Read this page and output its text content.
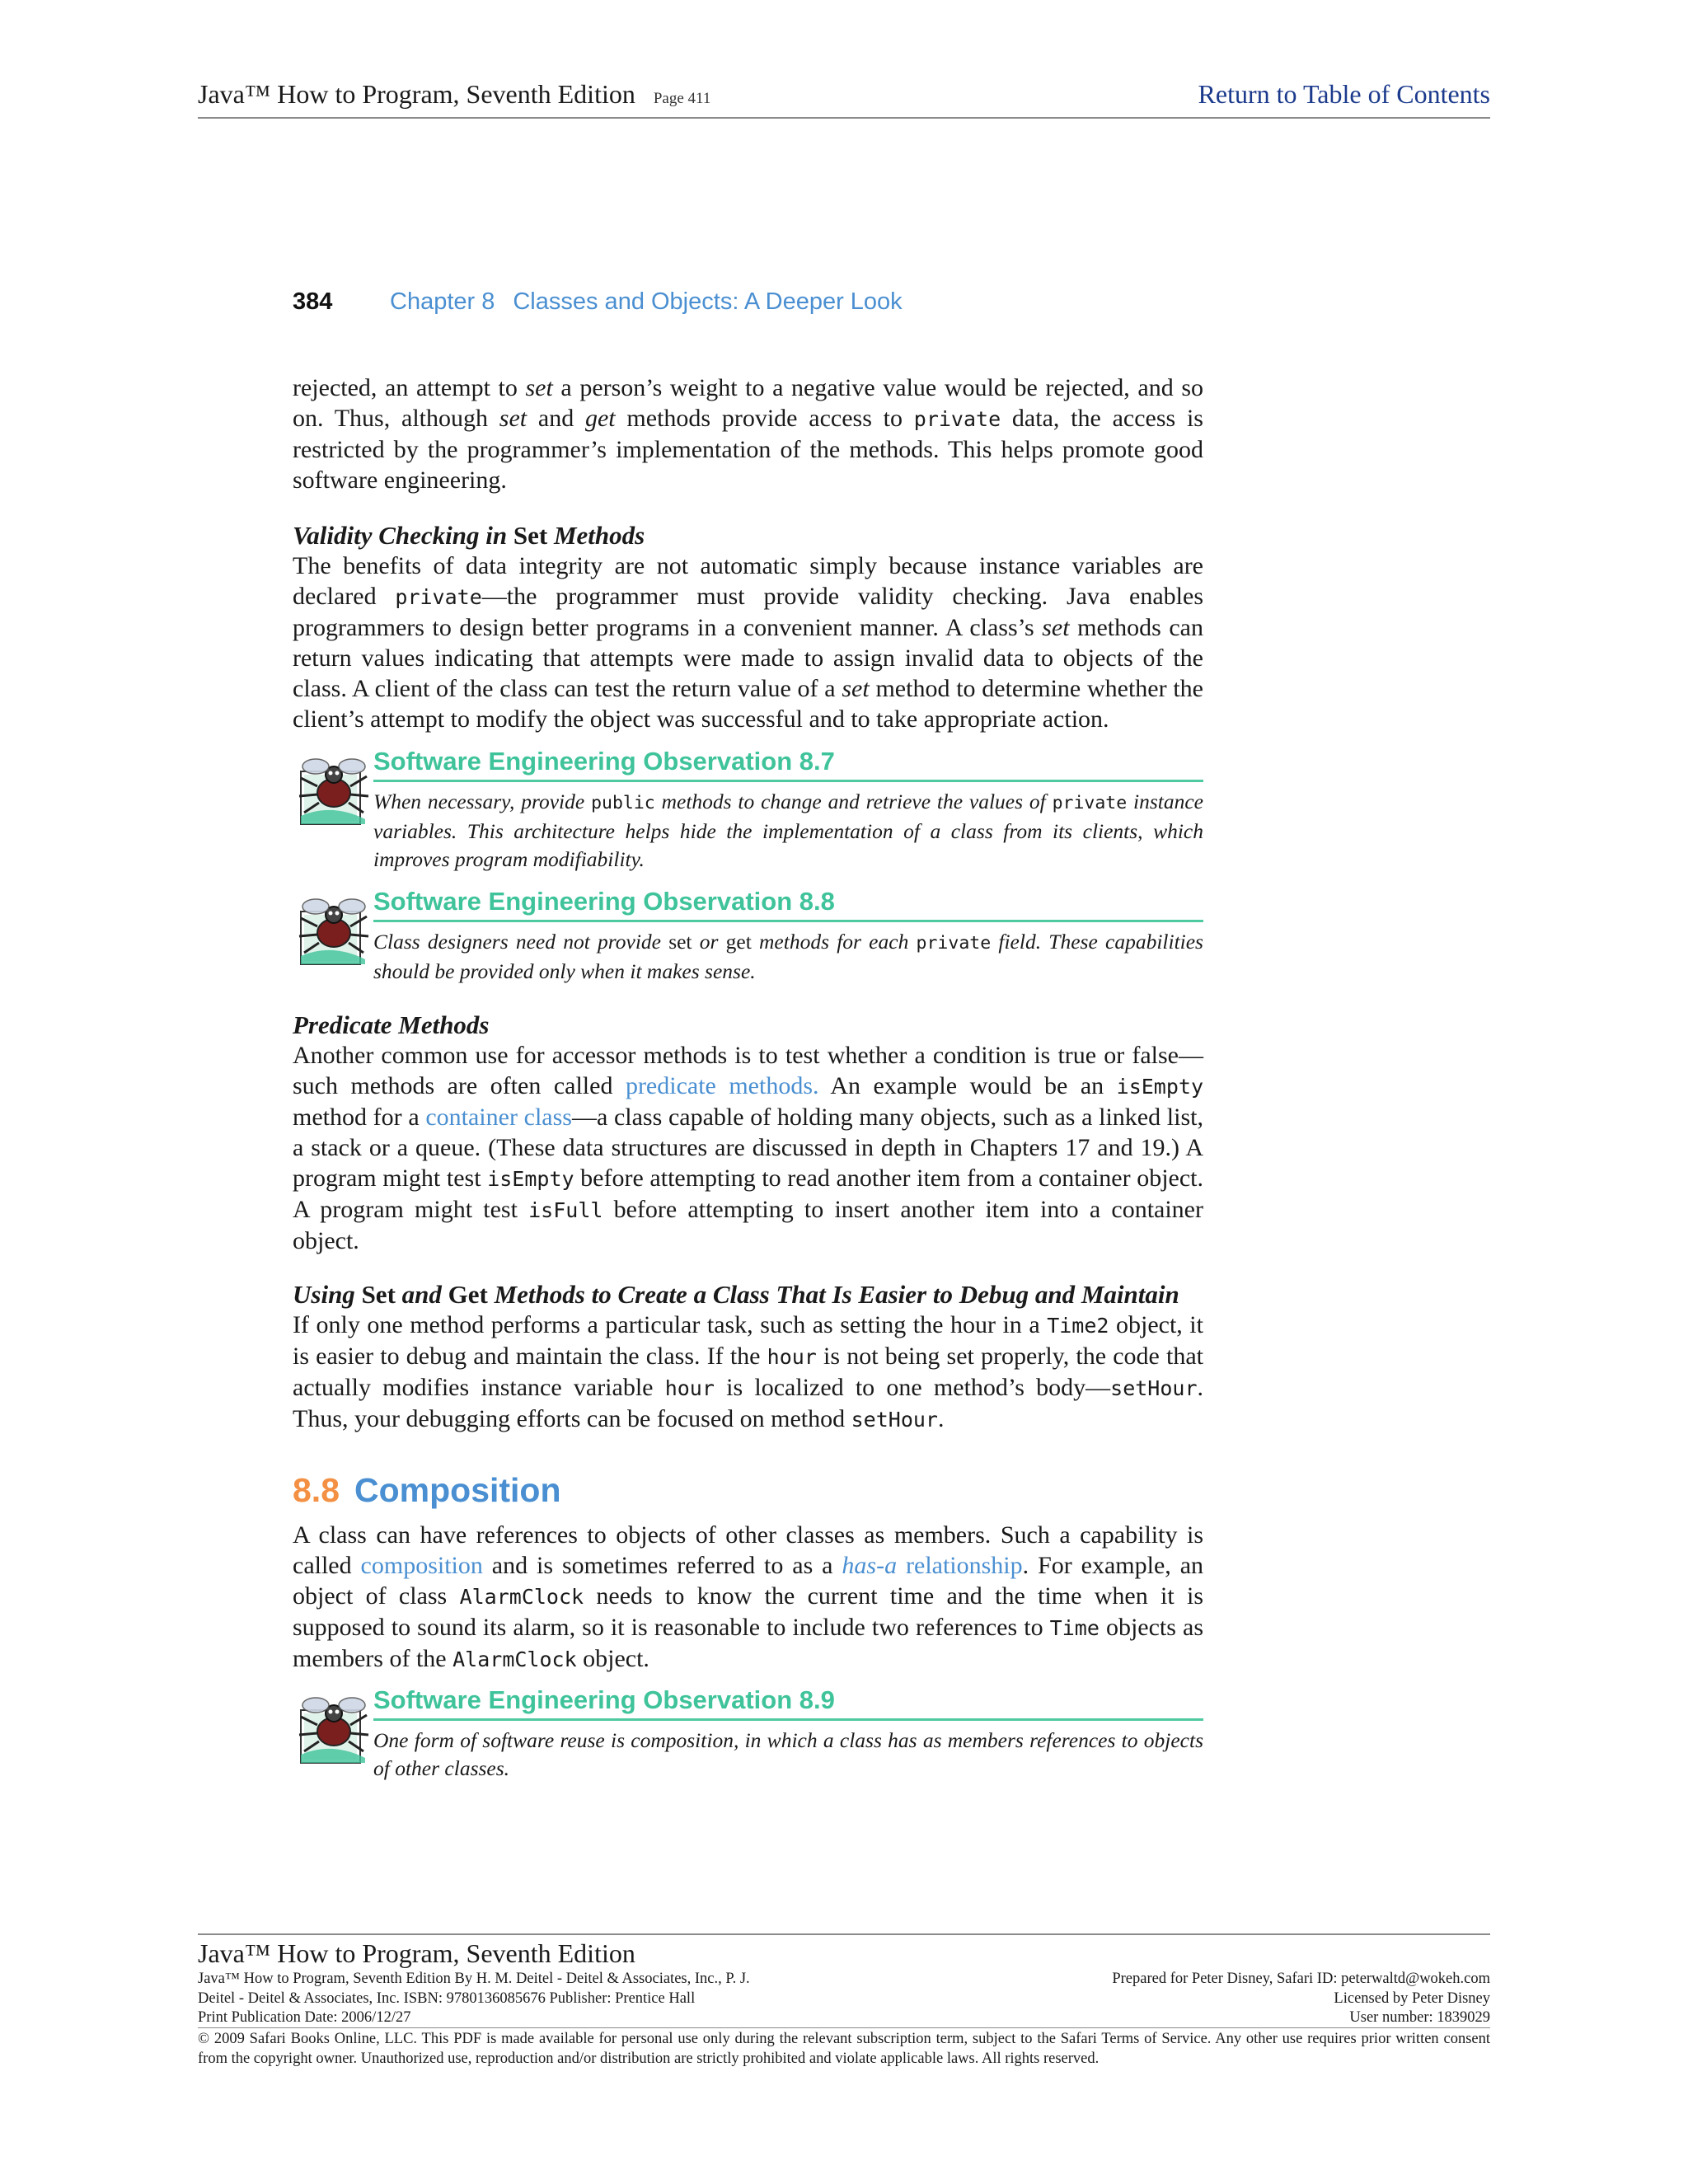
Java™ How to Program, Seventh Edition Page 411	Return to Table of Contents
384 Chapter 8 Classes and Objects: A Deeper Look

rejected, an attempt to set a person’s weight to a negative value would be rejected, and so on. Thus, although set and get methods provide access to private data, the access is restricted by the programmer’s implementation of the methods. This helps promote good software engineering.

Validity Checking in Set Methods

The benefits of data integrity are not automatic simply because instance variables are declared private—the programmer must provide validity checking. Java enables programmers to design better programs in a convenient manner. A class’s set methods can return values indicating that attempts were made to assign invalid data to objects of the class. A client of the class can test the return value of a set method to determine whether the client’s attempt to modify the object was successful and to take appropriate action.

Software Engineering Observation 8.7
When necessary, provide public methods to change and retrieve the values of private instance variables. This architecture helps hide the implementation of a class from its clients, which improves program modifiability.
Software Engineering Observation 8.8
Class designers need not provide set or get methods for each private field. These capabilities should be provided only when it makes sense.
Predicate Methods

Another common use for accessor methods is to test whether a condition is true or false—such methods are often called predicate methods. An example would be an isEmpty method for a container class—a class capable of holding many objects, such as a linked list, a stack or a queue. (These data structures are discussed in depth in Chapters 17 and 19.) A program might test isEmpty before attempting to read another item from a container object. A program might test isFull before attempting to insert another item into a container object.

Using Set and Get Methods to Create a Class That Is Easier to Debug and Maintain

If only one method performs a particular task, such as setting the hour in a Time2 object, it is easier to debug and maintain the class. If the hour is not being set properly, the code that actually modifies instance variable hour is localized to one method’s body—setHour. Thus, your debugging efforts can be focused on method setHour.

8.8 Composition

A class can have references to objects of other classes as members. Such a capability is called composition and is sometimes referred to as a has-a relationship. For example, an object of class AlarmClock needs to know the current time and the time when it is supposed to sound its alarm, so it is reasonable to include two references to Time objects as members of the AlarmClock object.

Software Engineering Observation 8.9
One form of software reuse is composition, in which a class has as members references to objects of other classes.
Java™ How to Program, Seventh Edition
Java™ How to Program, Seventh Edition By H. M. Deitel - Deitel & Associates, Inc., P. J.
Deitel - Deitel & Associates, Inc. ISBN: 9780136085676 Publisher: Prentice Hall
Print Publication Date: 2006/12/27
Prepared for Peter Disney, Safari ID: peterwaltd@wokeh.com
Licensed by Peter Disney
User number: 1839029
© 2009 Safari Books Online, LLC. This PDF is made available for personal use only during the relevant subscription term, subject to the Safari Terms of Service. Any other use requires prior written consent from the copyright owner. Unauthorized use, reproduction and/or distribution are strictly prohibited and violate applicable laws. All rights reserved.
